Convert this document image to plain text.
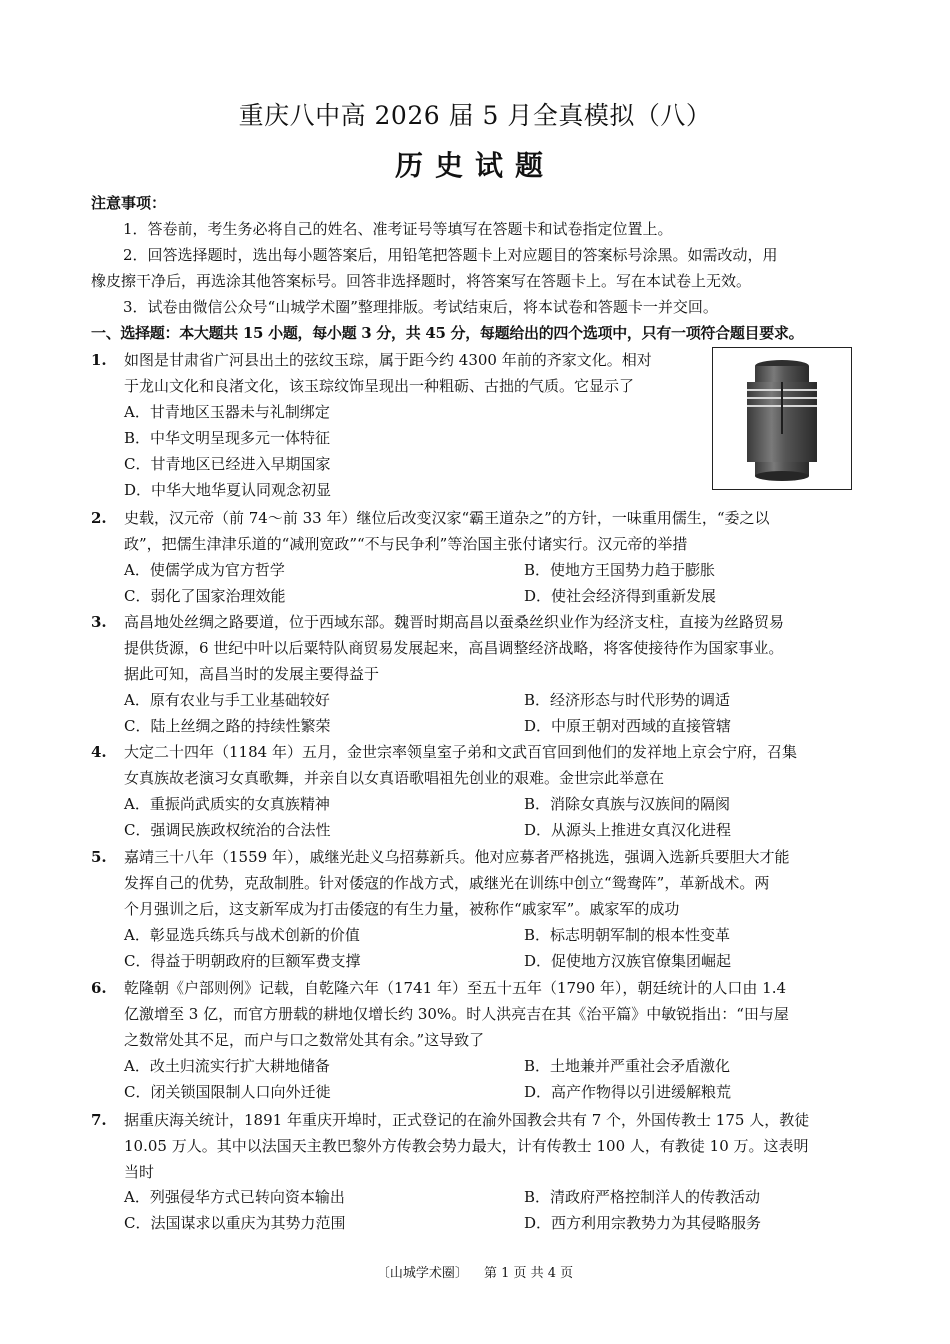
重庆八中高 2026 届 5 月全真模拟（八）
历史试题
注意事项：
1．答卷前，考生务必将自己的姓名、准考证号等填写在答题卡和试卷指定位置上。
2．回答选择题时，选出每小题答案后，用铅笔把答题卡上对应题目的答案标号涂黑。如需改动，用
橡皮擦干净后，再选涂其他答案标号。回答非选择题时，将答案写在答题卡上。写在本试卷上无效。
3．试卷由微信公众号“山城学术圈”整理排版。考试结束后，将本试卷和答题卡一并交回。
一、选择题：本大题共 15 小题，每小题 3 分，共 45 分，每题给出的四个选项中，只有一项符合题目要求。
1. 如图是甘肃省广河县出土的弦纹玉琮，属于距今约 4300 年前的齐家文化。相对
于龙山文化和良渚文化，该玉琮纹饰呈现出一种粗砺、古拙的气质。它显示了
A．甘青地区玉器未与礼制绑定
B．中华文明呈现多元一体特征
C．甘青地区已经进入早期国家
D．中华大地华夏认同观念初显
2. 史载，汉元帝（前 74～前 33 年）继位后改变汉家“霸王道杂之”的方针，一味重用儒生，“委之以
政”，把儒生津津乐道的“减刑宽政”“不与民争利”等治国主张付诸实行。汉元帝的举措
A．使儒学成为官方哲学	B．使地方王国势力趋于膨胀
C．弱化了国家治理效能	D．使社会经济得到重新发展
3. 高昌地处丝绸之路要道，位于西域东部。魏晋时期高昌以蚕桑丝织业作为经济支柱，直接为丝路贸易
提供货源，6 世纪中叶以后粟特队商贸易发展起来，高昌调整经济战略，将客使接待作为国家事业。
据此可知，高昌当时的发展主要得益于
A．原有农业与手工业基础较好	B．经济形态与时代形势的调适
C．陆上丝绸之路的持续性繁荣	D．中原王朝对西域的直接管辖
4. 大定二十四年（1184 年）五月，金世宗率领皇室子弟和文武百官回到他们的发祥地上京会宁府，召集
女真族故老演习女真歌舞，并亲自以女真语歌唱祖先创业的艰难。金世宗此举意在
A．重振尚武质实的女真族精神	B．消除女真族与汉族间的隔阂
C．强调民族政权统治的合法性	D．从源头上推进女真汉化进程
5. 嘉靖三十八年（1559 年），戚继光赴义乌招募新兵。他对应募者严格挑选，强调入选新兵要胆大才能
发挥自己的优势，克敌制胜。针对倭寇的作战方式，戚继光在训练中创立“鸳鸯阵”，革新战术。两
个月强训之后，这支新军成为打击倭寇的有生力量，被称作“戚家军”。戚家军的成功
A．彰显选兵练兵与战术创新的价值	B．标志明朝军制的根本性变革
C．得益于明朝政府的巨额军费支撑	D．促使地方汉族官僚集团崛起
6. 乾隆朝《户部则例》记载，自乾隆六年（1741 年）至五十五年（1790 年），朝廷统计的人口由 1.4
亿激增至 3 亿，而官方册载的耕地仅增长约 30%。时人洪亮吉在其《治平篇》中敏锐指出：“田与屋
之数常处其不足，而户与口之数常处其有余。”这导致了
A．改土归流实行扩大耕地储备	B．土地兼并严重社会矛盾激化
C．闭关锁国限制人口向外迁徙	D．高产作物得以引进缓解粮荒
7. 据重庆海关统计，1891 年重庆开埠时，正式登记的在渝外国教会共有 7 个，外国传教士 175 人，教徒
10.05 万人。其中以法国天主教巴黎外方传教会势力最大，计有传教士 100 人，有教徒 10 万。这表明
当时
A．列强侵华方式已转向资本输出	B．清政府严格控制洋人的传教活动
C．法国谋求以重庆为其势力范围	D．西方利用宗教势力为其侵略服务
〔山城学术圈〕 第 1 页 共 4 页
